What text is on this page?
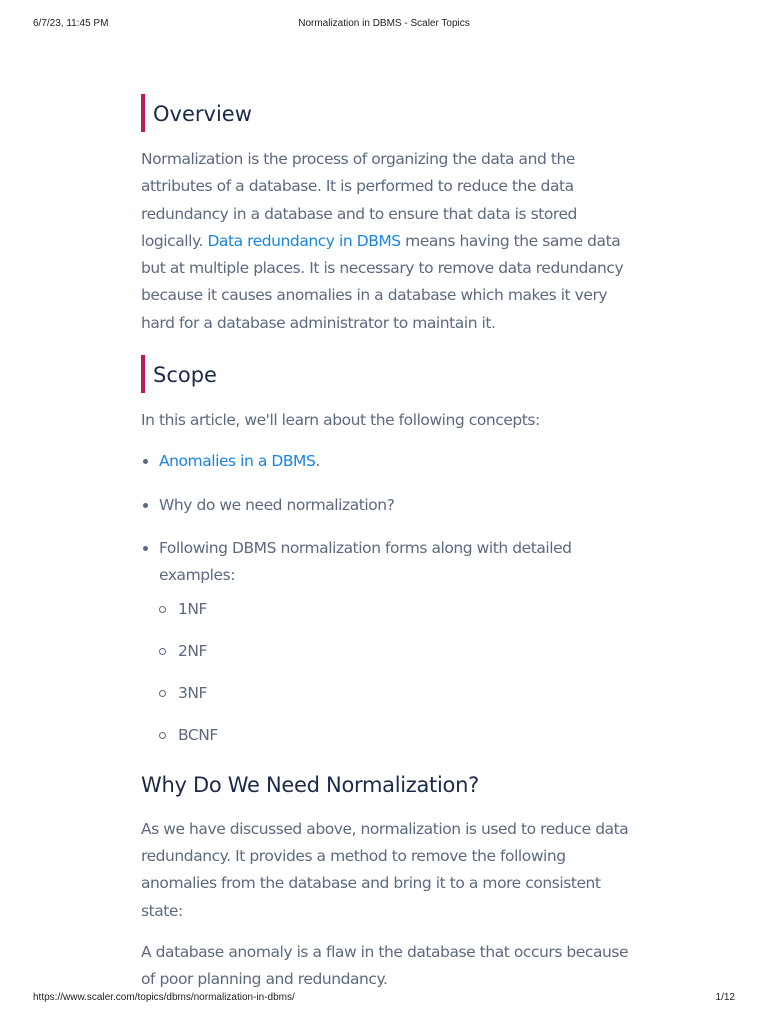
Normalization in DBMS - Scaler Topics
6/7/23, 11:45 PM
Overview

Normalization is the process of organizing the data and the attributes of a database. It is performed to reduce the data redundancy in a database and to ensure that data is stored logically. Data redundancy in DBMS means having the same data but at multiple places. It is necessary to remove data redundancy because it causes anomalies in a database which makes it very hard for a database administrator to maintain it.

Scope

In this article, we'll learn about the following concepts:

Anomalies in a DBMS.
Why do we need normalization?
Following DBMS normalization forms along with detailed examples:
1NF
2NF
3NF
BCNF
Why Do We Need Normalization?

As we have discussed above, normalization is used to reduce data redundancy. It provides a method to remove the following anomalies from the database and bring it to a more consistent state:

A database anomaly is a flaw in the database that occurs because of poor planning and redundancy.

https://www.scaler.com/topics/dbms/normalization-in-dbms/	1/12
